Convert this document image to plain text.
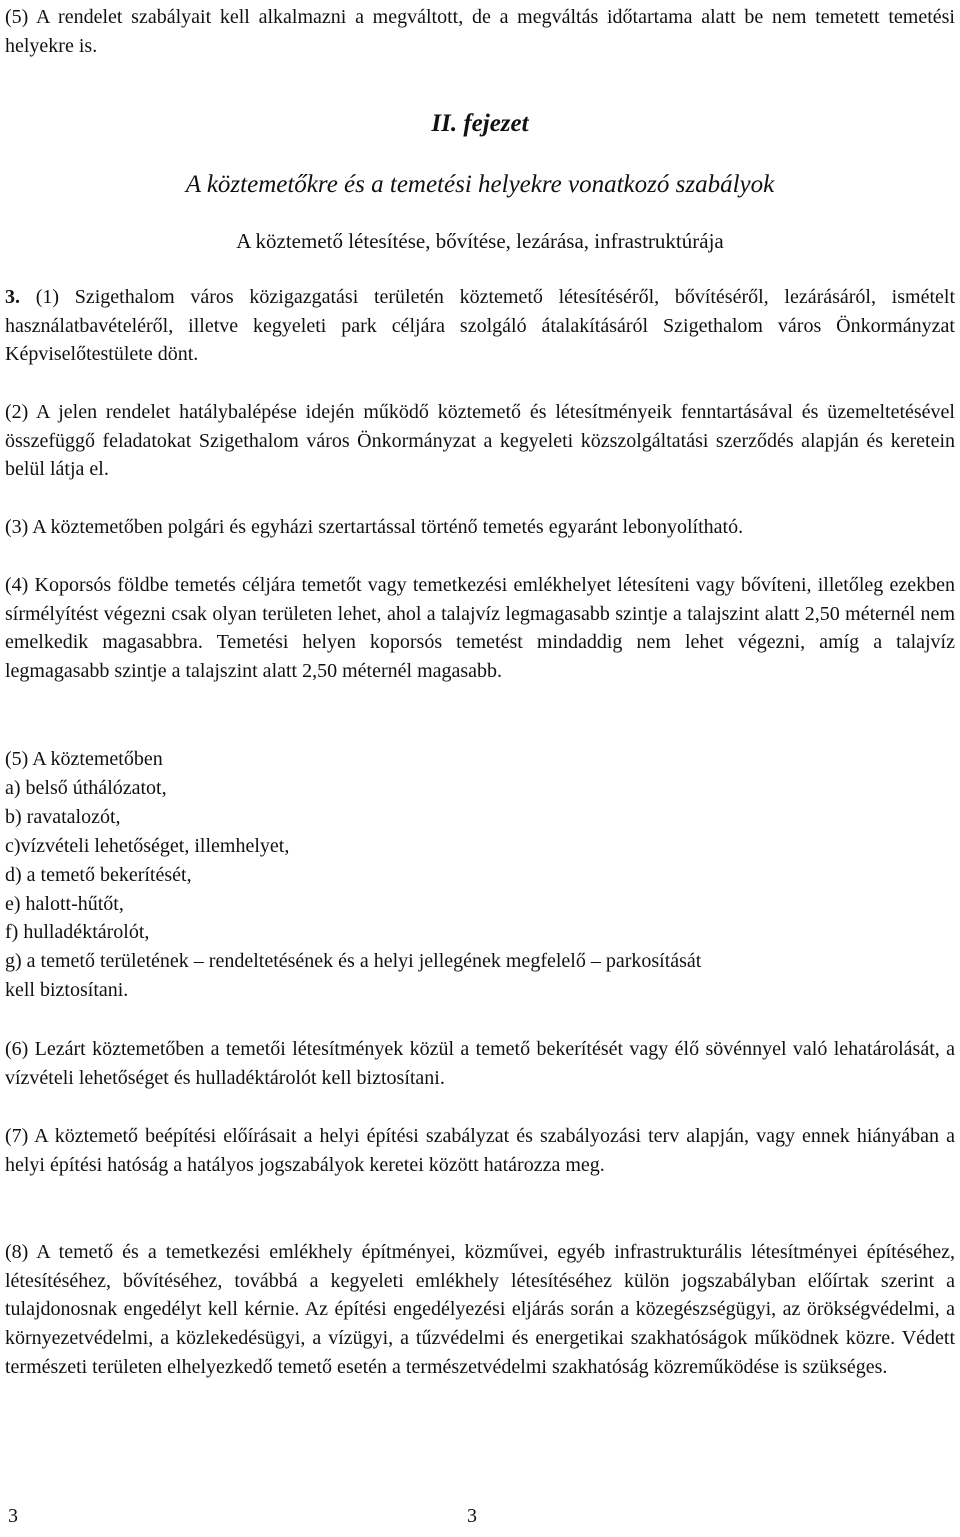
(5) A rendelet szabályait kell alkalmazni a megváltott, de a megváltás időtartama alatt be nem temetett temetési helyekre is.

II. fejezet
A köztemetőkre és a temetési helyekre vonatkozó szabályok
A köztemető létesítése, bővítése, lezárása, infrastruktúrája

3. (1) Szigethalom város közigazgatási területén köztemető létesítéséről, bővítéséről, lezárásáról, ismételt használatbavételéről, illetve kegyeleti park céljára szolgáló átalakításáról Szigethalom város Önkormányzat Képviselőtestülete dönt.

(2) A jelen rendelet hatálybalépése idején működő köztemető és létesítményeik fenntartásával és üzemeltetésével összefüggő feladatokat Szigethalom város Önkormányzat a kegyeleti közszolgáltatási szerződés alapján és keretein belül látja el.

(3) A köztemetőben polgári és egyházi szertartással történő temetés egyaránt lebonyolítható.

(4) Koporsós földbe temetés céljára temetőt vagy temetkezési emlékhelyet létesíteni vagy bővíteni, illetőleg ezekben sírmélyítést végezni csak olyan területen lehet, ahol a talajvíz legmagasabb szintje a talajszint alatt 2,50 méternél nem emelkedik magasabbra. Temetési helyen koporsós temetést mindaddig nem lehet végezni, amíg a talajvíz legmagasabb szintje a talajszint alatt 2,50 méternél magasabb.

(5) A köztemetőben
a) belső úthálózatot,
b) ravatalozót,
c)vízvételi lehetőséget, illemhelyet,
d) a temető bekerítését,
e) halott-hűtőt,
f) hulladéktárolót,
g) a temető területének – rendeltetésének és a helyi jellegének megfelelő – parkosítását
kell biztosítani.

(6) Lezárt köztemetőben a temetői létesítmények közül a temető bekerítését vagy élő sövénnyel való lehatárolását, a vízvételi lehetőséget és hulladéktárolót kell biztosítani.

(7) A köztemető beépítési előírásait a helyi építési szabályzat és szabályozási terv alapján, vagy ennek hiányában a helyi építési hatóság a hatályos jogszabályok keretei között határozza meg.

(8) A temető és a temetkezési emlékhely építményei, közművei, egyéb infrastrukturális létesítményei építéséhez, létesítéséhez, bővítéséhez, továbbá a kegyeleti emlékhely létesítéséhez külön jogszabályban előírtak szerint a tulajdonosnak engedélyt kell kérnie. Az építési engedélyezési eljárás során a közegészségügyi, az örökségvédelmi, a környezetvédelmi, a közlekedésügyi, a vízügyi, a tűzvédelmi és energetikai szakhatóságok működnek közre. Védett természeti területen elhelyezkedő temető esetén a természetvédelmi szakhatóság közreműködése is szükséges.

3	3
